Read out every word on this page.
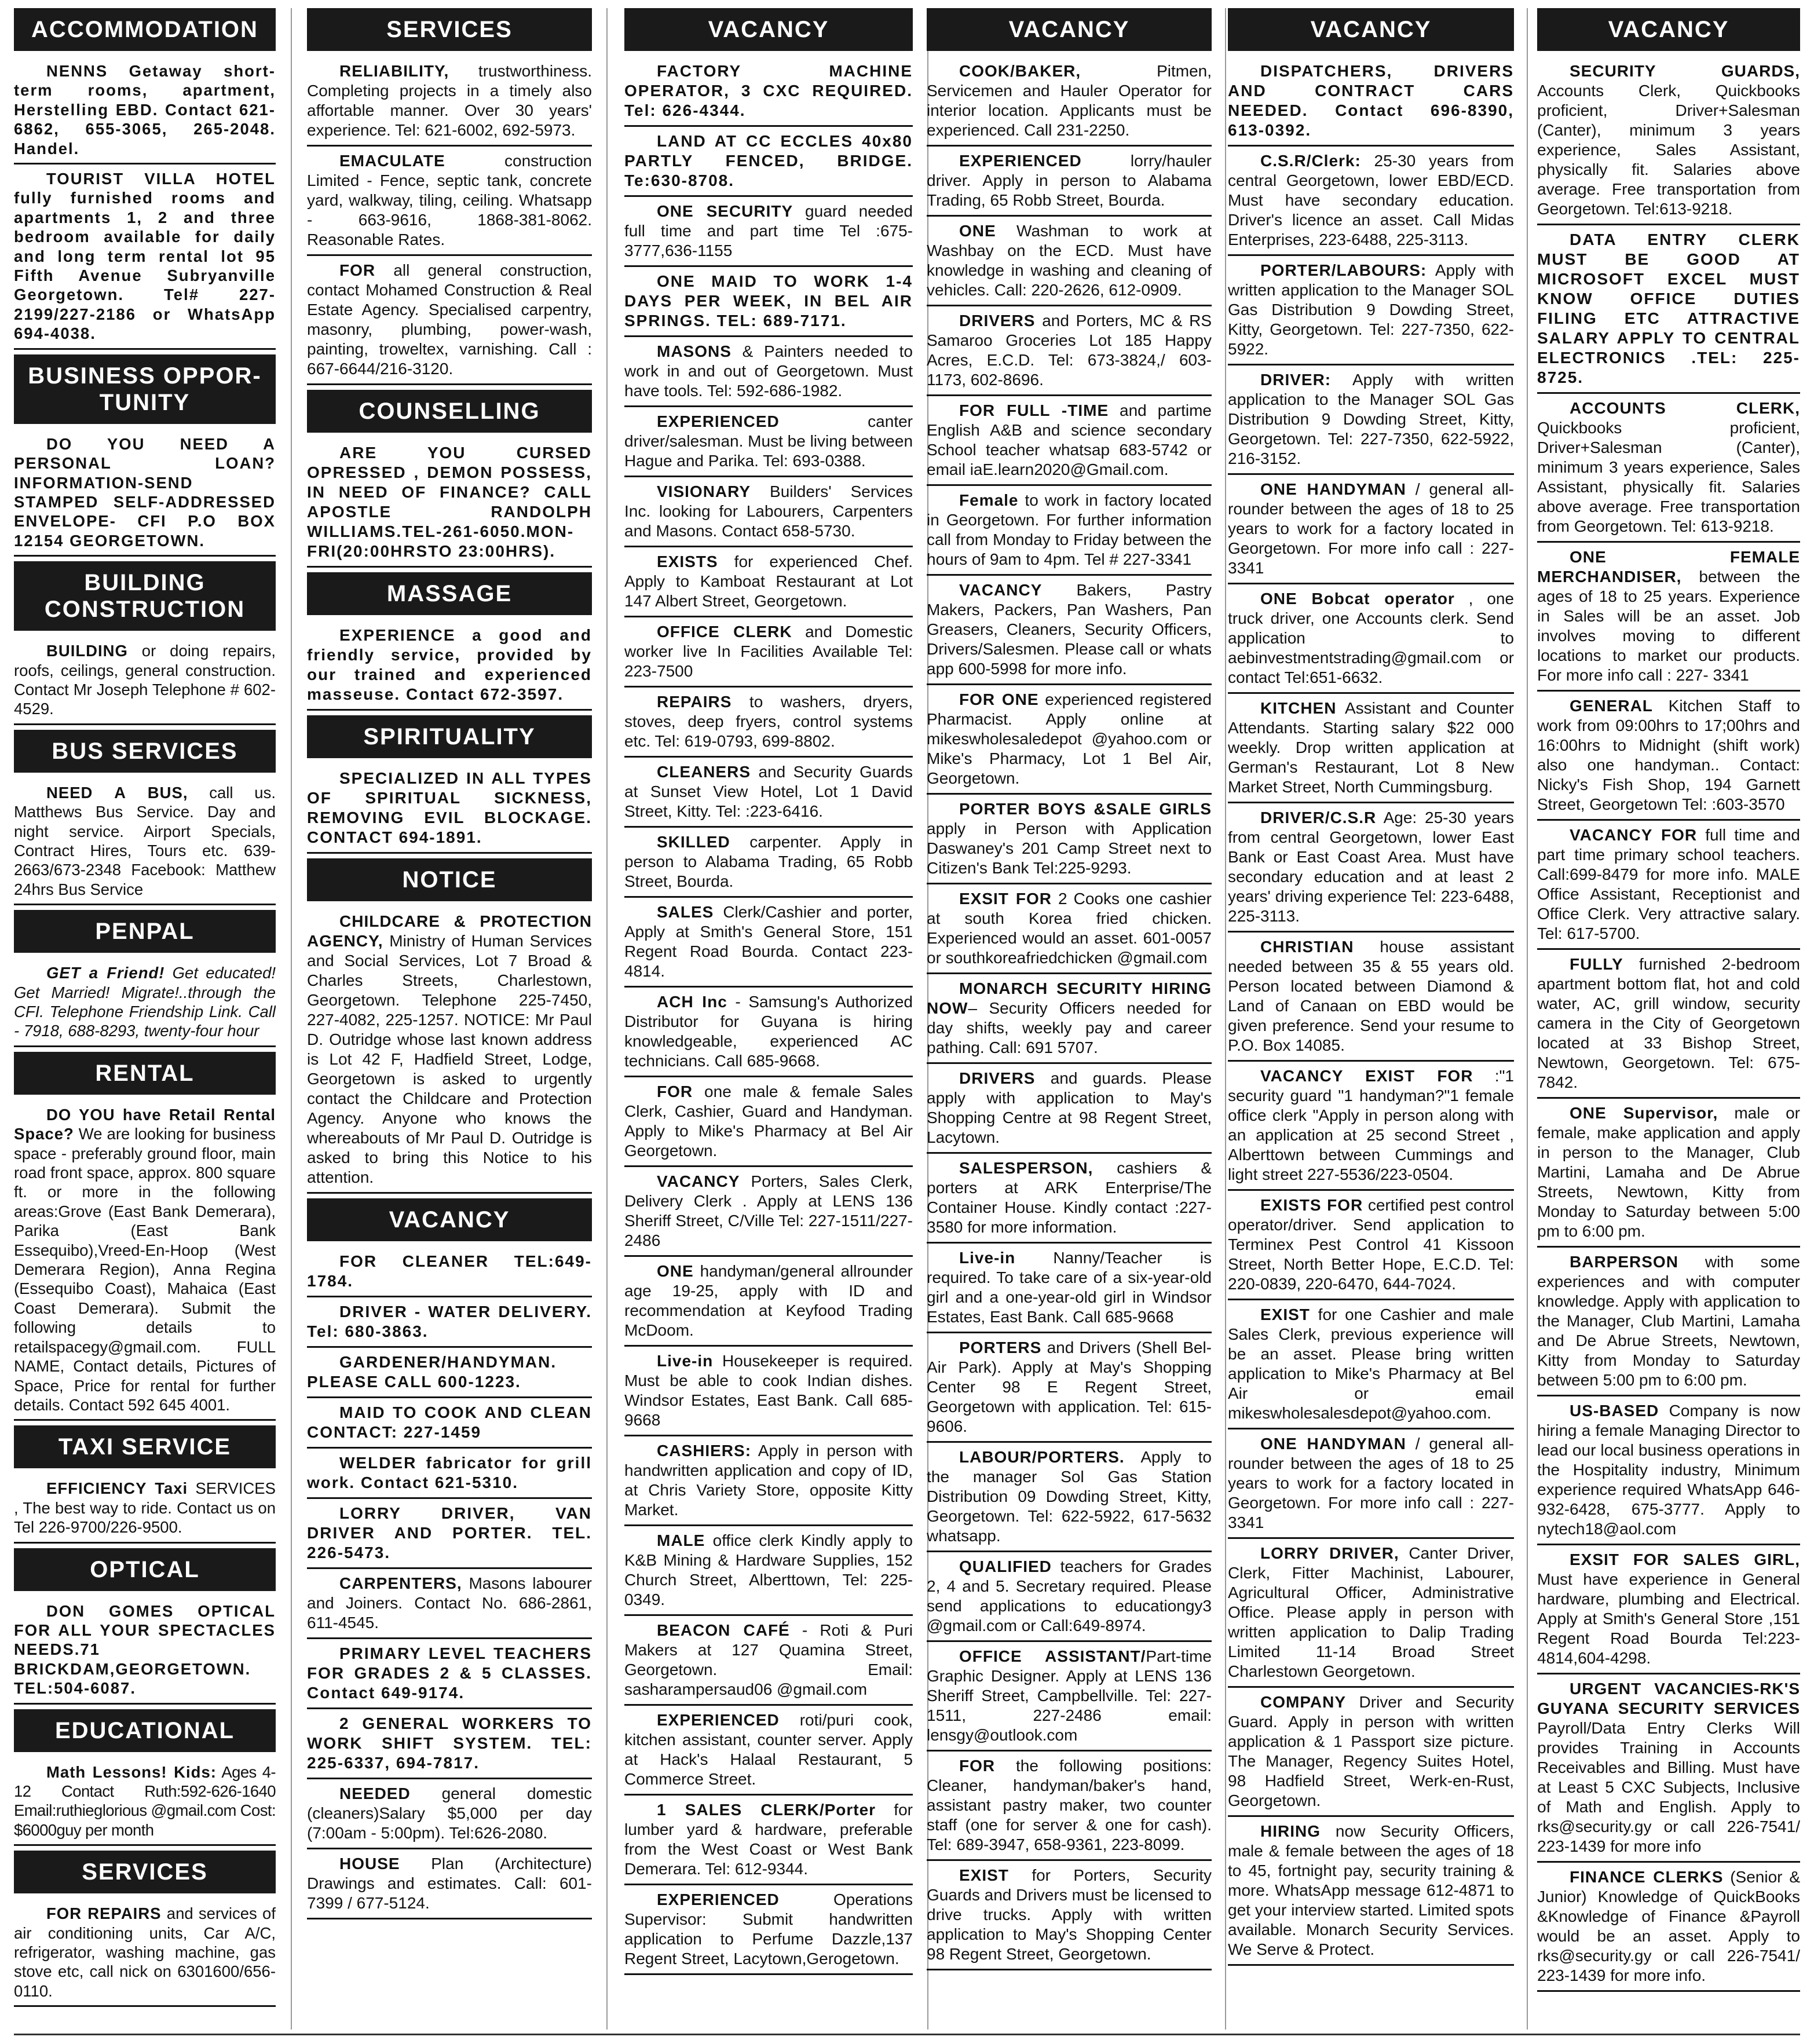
ACCOMMODATION
NENNS Getaway short-term rooms, apartment, Herstelling EBD. Contact 621-6862, 655-3065, 265-2048. Handel.
TOURIST VILLA HOTEL fully furnished rooms and apartments 1, 2 and three bedroom available for daily and long term rental lot 95 Fifth Avenue Subryanville Georgetown. Tel# 227-2199/227-2186 or WhatsApp 694-4038.
BUSINESS OPPOR-TUNITY
DO YOU NEED A PERSONAL LOAN? INFORMATION-SEND STAMPED SELF-ADDRESSED ENVELOPE- CFI P.O BOX 12154 GEORGETOWN.
BUILDING CONSTRUCTION
BUILDING or doing repairs, roofs, ceilings, general construction. Contact Mr Joseph Telephone # 602-4529.
BUS SERVICES
NEED A BUS, call us. Matthews Bus Service. Day and night service. Airport Specials, Contract Hires, Tours etc. 639-2663/673-2348 Facebook: Matthew 24hrs Bus Service
PENPAL
GET a Friend! Get educated! Get Married! Migrate!..through the CFI. Telephone Friendship Link. Call - 7918, 688-8293, twenty-four hour
RENTAL
DO YOU have Retail Rental Space? We are looking for business space - preferably ground floor, main road front space, approx. 800 square ft. or more in the following areas:Grove (East Bank Demerara), Parika (East Bank Essequibo),Vreed-En-Hoop (West Demerara Region), Anna Regina (Essequibo Coast), Mahaica (East Coast Demerara). Submit the following details to retailspacegy@gmail.com. FULL NAME, Contact details, Pictures of Space, Price for rental for further details. Contact 592 645 4001.
TAXI SERVICE
EFFICIENCY Taxi SERVICES , The best way to ride. Contact us on Tel 226-9700/226-9500.
OPTICAL
DON GOMES OPTICAL FOR ALL YOUR SPECTACLES NEEDS.71 BRICKDAM,GEORGETOWN. TEL:504-6087.
EDUCATIONAL
Math Lessons! Kids: Ages 4-12 Contact Ruth:592-626-1640 Email:ruthieglorious @gmail.com Cost: $6000guy per month
SERVICES
FOR REPAIRS and services of air conditioning units, Car A/C, refrigerator, washing machine, gas stove etc, call nick on 6301600/656-0110.
SERVICES
RELIABILITY, trustworthiness. Completing projects in a timely also affortable manner. Over 30 years' experience. Tel: 621-6002, 692-5973.
EMACULATE construction Limited - Fence, septic tank, concrete yard, walkway, tiling, ceiling. Whatsapp - 663-9616, 1868-381-8062. Reasonable Rates.
FOR all general construction, contact Mohamed Construction & Real Estate Agency. Specialised carpentry, masonry, plumbing, power-wash, painting, troweltex, varnishing. Call : 667-6644/216-3120.
COUNSELLING
ARE YOU CURSED OPRESSED , DEMON POSSESS, IN NEED OF FINANCE? CALL APOSTLE RANDOLPH WILLIAMS.TEL-261-6050.MON-FRI(20:00HRSTO 23:00HRS).
MASSAGE
EXPERIENCE a good and friendly service, provided by our trained and experienced masseuse. Contact 672-3597.
SPIRITUALITY
SPECIALIZED IN ALL TYPES OF SPIRITUAL SICKNESS, REMOVING EVIL BLOCKAGE. CONTACT 694-1891.
NOTICE
CHILDCARE & PROTECTION AGENCY, Ministry of Human Services and Social Services, Lot 7 Broad & Charles Streets, Charlestown, Georgetown. Telephone 225-7450, 227-4082, 225-1257. NOTICE: Mr Paul D. Outridge whose last known address is Lot 42 F, Hadfield Street, Lodge, Georgetown is asked to urgently contact the Childcare and Protection Agency. Anyone who knows the whereabouts of Mr Paul D. Outridge is asked to bring this Notice to his attention.
VACANCY
FOR CLEANER TEL:649-1784.
DRIVER - WATER DELIVERY. Tel: 680-3863.
GARDENER/HANDYMAN. PLEASE CALL 600-1223.
MAID TO COOK AND CLEAN CONTACT: 227-1459
WELDER fabricator for grill work. Contact 621-5310.
LORRY DRIVER, VAN DRIVER AND PORTER. TEL. 226-5473.
CARPENTERS, Masons labourer and Joiners. Contact No. 686-2861, 611-4545.
PRIMARY LEVEL TEACHERS FOR GRADES 2 & 5 CLASSES. Contact 649-9174.
2 GENERAL WORKERS TO WORK SHIFT SYSTEM. TEL: 225-6337, 694-7817.
NEEDED general domestic (cleaners)Salary $5,000 per day (7:00am - 5:00pm). Tel:626-2080.
HOUSE Plan (Architecture) Drawings and estimates. Call: 601-7399 / 677-5124.
VACANCY
FACTORY MACHINE OPERATOR, 3 CXC REQUIRED. Tel: 626-4344.
LAND AT CC ECCLES 40x80 PARTLY FENCED, BRIDGE. Te:630-8708.
ONE SECURITY guard needed full time and part time Tel :675-3777,636-1155
ONE MAID TO WORK 1-4 DAYS PER WEEK, IN BEL AIR SPRINGS. TEL: 689-7171.
MASONS & Painters needed to work in and out of Georgetown. Must have tools. Tel: 592-686-1982.
EXPERIENCED canter driver/salesman. Must be living between Hague and Parika. Tel: 693-0388.
VISIONARY Builders' Services Inc. looking for Labourers, Carpenters and Masons. Contact 658-5730.
EXISTS for experienced Chef. Apply to Kamboat Restaurant at Lot 147 Albert Street, Georgetown.
OFFICE CLERK and Domestic worker live In Facilities Available Tel: 223-7500
REPAIRS to washers, dryers, stoves, deep fryers, control systems etc. Tel: 619-0793, 699-8802.
CLEANERS and Security Guards at Sunset View Hotel, Lot 1 David Street, Kitty. Tel: :223-6416.
SKILLED carpenter. Apply in person to Alabama Trading, 65 Robb Street, Bourda.
SALES Clerk/Cashier and porter, Apply at Smith's General Store, 151 Regent Road Bourda. Contact 223-4814.
ACH Inc - Samsung's Authorized Distributor for Guyana is hiring knowledgeable, experienced AC technicians. Call 685-9668.
FOR one male & female Sales Clerk, Cashier, Guard and Handyman. Apply to Mike's Pharmacy at Bel Air Georgetown.
VACANCY Porters, Sales Clerk, Delivery Clerk . Apply at LENS 136 Sheriff Street, C/Ville Tel: 227-1511/227-2486
ONE handyman/general allrounder age 19-25, apply with ID and recommendation at Keyfood Trading McDoom.
Live-in Housekeeper is required. Must be able to cook Indian dishes. Windsor Estates, East Bank. Call 685-9668
CASHIERS: Apply in person with handwritten application and copy of ID, at Chris Variety Store, opposite Kitty Market.
MALE office clerk Kindly apply to K&B Mining & Hardware Supplies, 152 Church Street, Alberttown, Tel: 225-0349.
BEACON CAFÉ - Roti & Puri Makers at 127 Quamina Street, Georgetown. Email: sasharampersaud06 @gmail.com
EXPERIENCED roti/puri cook, kitchen assistant, counter server. Apply at Hack's Halaal Restaurant, 5 Commerce Street.
1 SALES CLERK/Porter for lumber yard & hardware, preferable from the West Coast or West Bank Demerara. Tel: 612-9344.
EXPERIENCED Operations Supervisor: Submit handwritten application to Perfume Dazzle,137 Regent Street, Lacytown,Gerogetown.
VACANCY
COOK/BAKER, Pitmen, Servicemen and Hauler Operator for interior location. Applicants must be experienced. Call 231-2250.
EXPERIENCED lorry/hauler driver. Apply in person to Alabama Trading, 65 Robb Street, Bourda.
ONE Washman to work at Washbay on the ECD. Must have knowledge in washing and cleaning of vehicles. Call: 220-2626, 612-0909.
DRIVERS and Porters, MC & RS Samaroo Groceries Lot 185 Happy Acres, E.C.D. Tel: 673-3824,/ 603-1173, 602-8696.
FOR FULL -TIME and partime English A&B and science secondary School teacher whatsap 683-5742 or email iaE.learn2020@Gmail.com.
Female to work in factory located in Georgetown. For further information call from Monday to Friday between the hours of 9am to 4pm. Tel # 227-3341
VACANCY Bakers, Pastry Makers, Packers, Pan Washers, Pan Greasers, Cleaners, Security Officers, Drivers/Salesmen. Please call or whats app 600-5998 for more info.
FOR ONE experienced registered Pharmacist. Apply online at mikeswholesaledepot @yahoo.com or Mike's Pharmacy, Lot 1 Bel Air, Georgetown.
PORTER BOYS &SALE GIRLS apply in Person with Application Daswaney's 201 Camp Street next to Citizen's Bank Tel:225-9293.
EXSIT FOR 2 Cooks one cashier at south Korea fried chicken. Experienced would an asset. 601-0057 or southkoreafriedchicken @gmail.com
MONARCH SECURITY HIRING NOW– Security Officers needed for day shifts, weekly pay and career pathing. Call: 691 5707.
DRIVERS and guards. Please apply with application to May's Shopping Centre at 98 Regent Street, Lacytown.
SALESPERSON, cashiers & porters at ARK Enterprise/The Container House. Kindly contact :227-3580 for more information.
Live-in Nanny/Teacher is required. To take care of a six-year-old girl and a one-year-old girl in Windsor Estates, East Bank. Call 685-9668
PORTERS and Drivers (Shell Bel-Air Park). Apply at May's Shopping Center 98 E Regent Street, Georgetown with application. Tel: 615-9606.
LABOUR/PORTERS. Apply to the manager Sol Gas Station Distribution 09 Dowding Street, Kitty, Georgetown. Tel: 622-5922, 617-5632 whatsapp.
QUALIFIED teachers for Grades 2, 4 and 5. Secretary required. Please send applications to educationgy3 @gmail.com or Call:649-8974.
OFFICE ASSISTANT/Part-time Graphic Designer. Apply at LENS 136 Sheriff Street, Campbellville. Tel: 227-1511, 227-2486 email: lensgy@outlook.com
FOR the following positions: Cleaner, handyman/baker's hand, assistant pastry maker, two counter staff (one for server & one for cash). Tel: 689-3947, 658-9361, 223-8099.
EXIST for Porters, Security Guards and Drivers must be licensed to drive trucks. Apply with written application to May's Shopping Center 98 Regent Street, Georgetown.
VACANCY
DISPATCHERS, DRIVERS AND CONTRACT CARS NEEDED. Contact 696-8390, 613-0392.
C.S.R/Clerk: 25-30 years from central Georgetown, lower EBD/ECD. Must have secondary education. Driver's licence an asset. Call Midas Enterprises, 223-6488, 225-3113.
PORTER/LABOURS: Apply with written application to the Manager SOL Gas Distribution 9 Dowding Street, Kitty, Georgetown. Tel: 227-7350, 622-5922.
DRIVER: Apply with written application to the Manager SOL Gas Distribution 9 Dowding Street, Kitty, Georgetown. Tel: 227-7350, 622-5922, 216-3152.
ONE HANDYMAN / general all-rounder between the ages of 18 to 25 years to work for a factory located in Georgetown. For more info call : 227- 3341
ONE Bobcat operator , one truck driver, one Accounts clerk. Send application to aebinvestmentstrading@gmail.com or contact Tel:651-6632.
KITCHEN Assistant and Counter Attendants. Starting salary $22 000 weekly. Drop written application at German's Restaurant, Lot 8 New Market Street, North Cummingsburg.
DRIVER/C.S.R Age: 25-30 years from central Georgetown, lower East Bank or East Coast Area. Must have secondary education and at least 2 years' driving experience Tel: 223-6488, 225-3113.
CHRISTIAN house assistant needed between 35 & 55 years old. Person located between Diamond & Land of Canaan on EBD would be given preference. Send your resume to P.O. Box 14085.
VACANCY EXIST FOR :"1 security guard "1 handyman?"1 female office clerk "Apply in person along with an application at 25 second Street , Alberttown between Cummings and light street 227-5536/223-0504.
EXISTS FOR certified pest control operator/driver. Send application to Terminex Pest Control 41 Kissoon Street, North Better Hope, E.C.D. Tel: 220-0839, 220-6470, 644-7024.
EXIST for one Cashier and male Sales Clerk, previous experience will be an asset. Please bring written application to Mike's Pharmacy at Bel Air or email mikeswholesalesdepot@yahoo.com.
ONE HANDYMAN / general all-rounder between the ages of 18 to 25 years to work for a factory located in Georgetown. For more info call : 227- 3341
LORRY DRIVER, Canter Driver, Clerk, Fitter Machinist, Labourer, Agricultural Officer, Administrative Office. Please apply in person with written application to Dalip Trading Limited 11-14 Broad Street Charlestown Georgetown.
COMPANY Driver and Security Guard. Apply in person with written application & 1 Passport size picture. The Manager, Regency Suites Hotel, 98 Hadfield Street, Werk-en-Rust, Georgetown.
HIRING now Security Officers, male & female between the ages of 18 to 45, fortnight pay, security training & more. WhatsApp message 612-4871 to get your interview started. Limited spots available. Monarch Security Services. We Serve & Protect.
VACANCY
SECURITY GUARDS, Accounts Clerk, Quickbooks proficient, Driver+Salesman (Canter), minimum 3 years experience, Sales Assistant, physically fit. Salaries above average. Free transportation from Georgetown. Tel:613-9218.
DATA ENTRY CLERK MUST BE GOOD AT MICROSOFT EXCEL MUST KNOW OFFICE DUTIES FILING ETC ATTRACTIVE SALARY APPLY TO CENTRAL ELECTRONICS .TEL: 225-8725.
ACCOUNTS CLERK, Quickbooks proficient, Driver+Salesman (Canter), minimum 3 years experience, Sales Assistant, physically fit. Salaries above average. Free transportation from Georgetown. Tel: 613-9218.
ONE FEMALE MERCHANDISER, between the ages of 18 to 25 years. Experience in Sales will be an asset. Job involves moving to different locations to market our products. For more info call : 227- 3341
GENERAL Kitchen Staff to work from 09:00hrs to 17;00hrs and 16:00hrs to Midnight (shift work) also one handyman.. Contact: Nicky's Fish Shop, 194 Garnett Street, Georgetown Tel: :603-3570
VACANCY FOR full time and part time primary school teachers. Call:699-8479 for more info. MALE Office Assistant, Receptionist and Office Clerk. Very attractive salary. Tel: 617-5700.
FULLY furnished 2-bedroom apartment bottom flat, hot and cold water, AC, grill window, security camera in the City of Georgetown located at 33 Bishop Street, Newtown, Georgetown. Tel: 675-7842.
ONE Supervisor, male or female, make application and apply in person to the Manager, Club Martini, Lamaha and De Abrue Streets, Newtown, Kitty from Monday to Saturday between 5:00 pm to 6:00 pm.
BARPERSON with some experiences and with computer knowledge. Apply with application to the Manager, Club Martini, Lamaha and De Abrue Streets, Newtown, Kitty from Monday to Saturday between 5:00 pm to 6:00 pm.
US-BASED Company is now hiring a female Managing Director to lead our local business operations in the Hospitality industry, Minimum experience required WhatsApp 646-932-6428, 675-3777. Apply to nytech18@aol.com
EXSIT FOR SALES GIRL, Must have experience in General hardware, plumbing and Electrical. Apply at Smith's General Store ,151 Regent Road Bourda Tel:223-4814,604-4298.
URGENT VACANCIES-RK'S GUYANA SECURITY SERVICES Payroll/Data Entry Clerks Will provides Training in Accounts Receivables and Billing. Must have at Least 5 CXC Subjects, Inclusive of Math and English. Apply to rks@security.gy or call 226-7541/ 223-1439 for more info
FINANCE CLERKS (Senior & Junior) Knowledge of QuickBooks &Knowledge of Finance &Payroll would be an asset. Apply to rks@security.gy or call 226-7541/ 223-1439 for more info.
